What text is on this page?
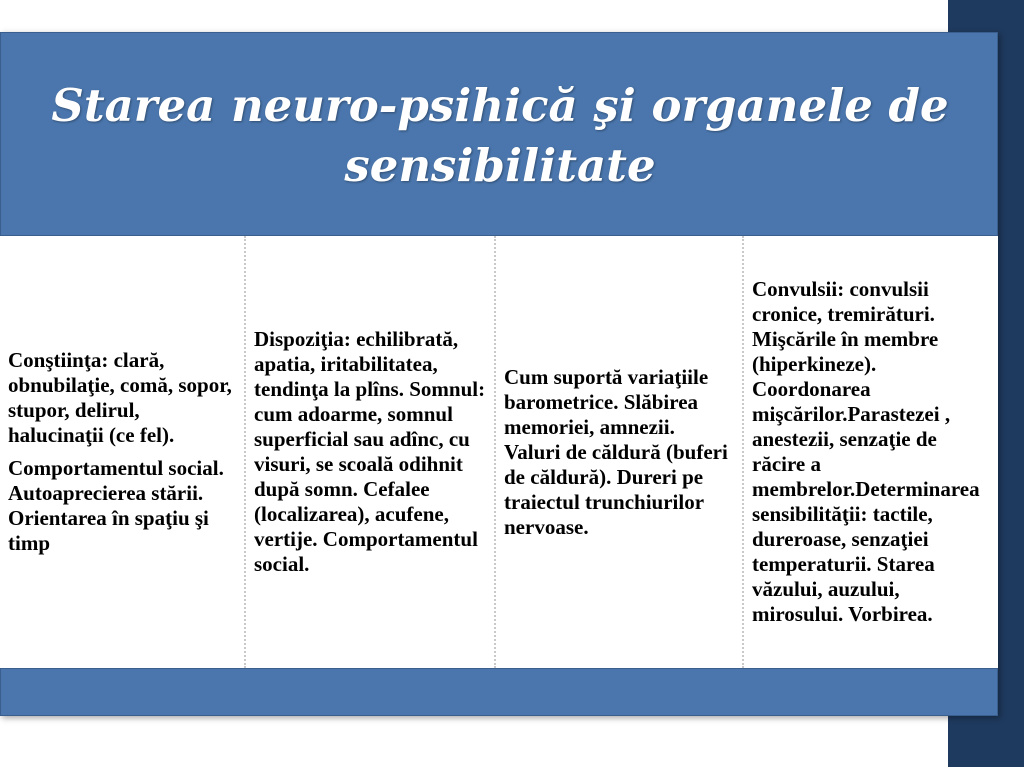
Starea neuro-psihică şi organele de sensibilitate

Conştiinţa: clară, obnubilaţie, comă, sopor, stupor, delirul, halucinaţii (ce fel).

Comportamentul social. Autoaprecierea stării. Orientarea în spaţiu şi timp

Dispoziţia: echilibrată, apatia, iritabilitatea, tendinţa la plîns. Somnul: cum adoarme, somnul superficial sau adînc, cu visuri, se scoală odihnit după somn. Cefalee (localizarea), acufene, vertije. Comportamentul social.

Cum suportă variaţiile barometrice. Slăbirea memoriei, amnezii. Valuri de căldură (buferi de căldură). Dureri pe traiectul trunchiurilor nervoase.

Convulsii: convulsii cronice, tremirături. Mişcările în membre (hiperkineze). Coordonarea mişcărilor.Parastezei , anestezii, senzaţie de răcire a membrelor.Determinarea sensibilităţii: tactile, dureroase, senzaţiei temperaturii. Starea văzului, auzului, mirosului. Vorbirea.
